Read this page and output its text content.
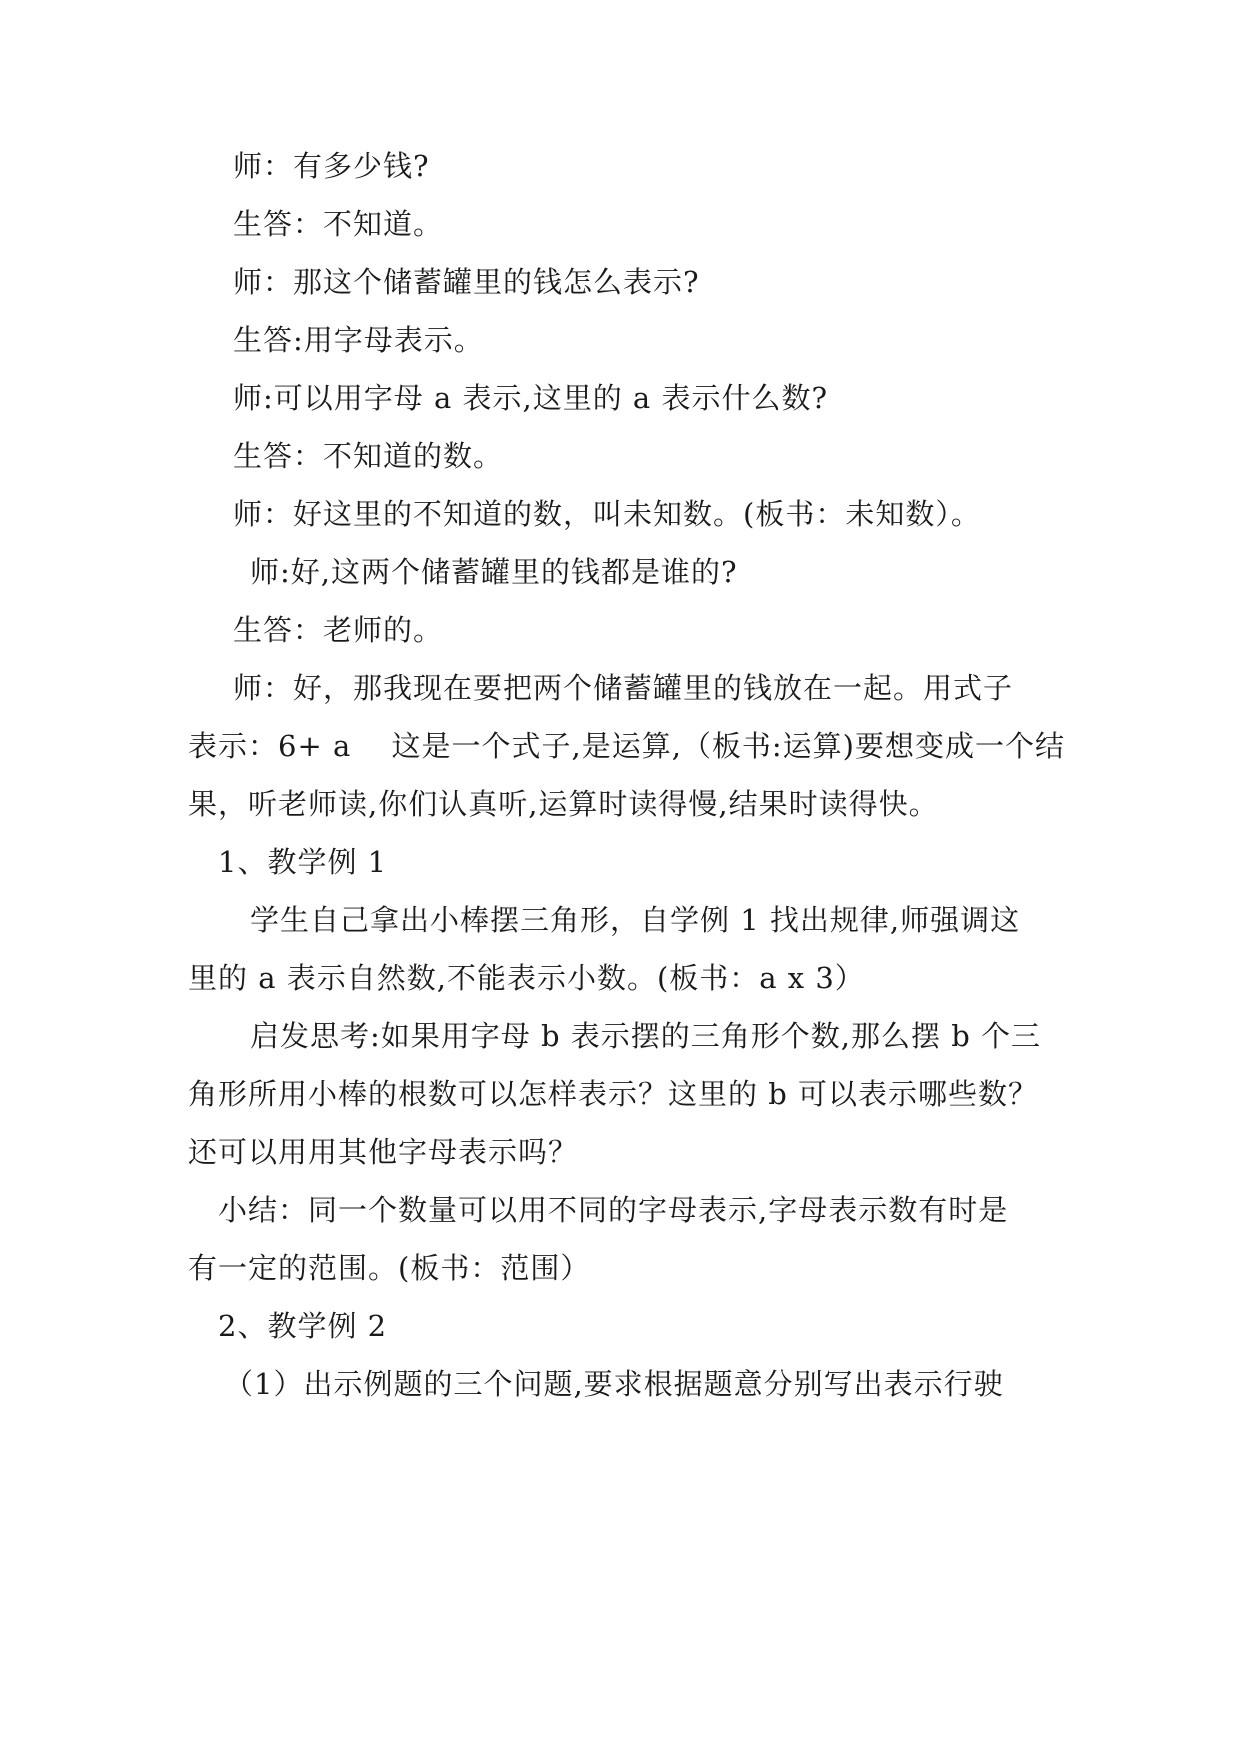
师：有多少钱?
生答：不知道。
师：那这个储蓄罐里的钱怎么表示?
生答:用字母表示。
师:可以用字母 a 表示,这里的 a 表示什么数?
生答：不知道的数。
师：好这里的不知道的数，叫未知数。(板书：未知数）。
师:好,这两个储蓄罐里的钱都是谁的?
生答：老师的。
师：好，那我现在要把两个储蓄罐里的钱放在一起。用式子
表示：6+ a　 这是一个式子,是运算,（板书:运算)要想变成一个结
果，听老师读,你们认真听,运算时读得慢,结果时读得快。
1、教学例 1
学生自己拿出小棒摆三角形，自学例 1 找出规律,师强调这
里的 a 表示自然数,不能表示小数。(板书：a x 3）
启发思考:如果用字母 b 表示摆的三角形个数,那么摆 b 个三
角形所用小棒的根数可以怎样表示？这里的 b 可以表示哪些数？
还可以用用其他字母表示吗？
小结：同一个数量可以用不同的字母表示,字母表示数有时是
有一定的范围。(板书：范围）
2、教学例 2
（1）出示例题的三个问题,要求根据题意分别写出表示行驶
